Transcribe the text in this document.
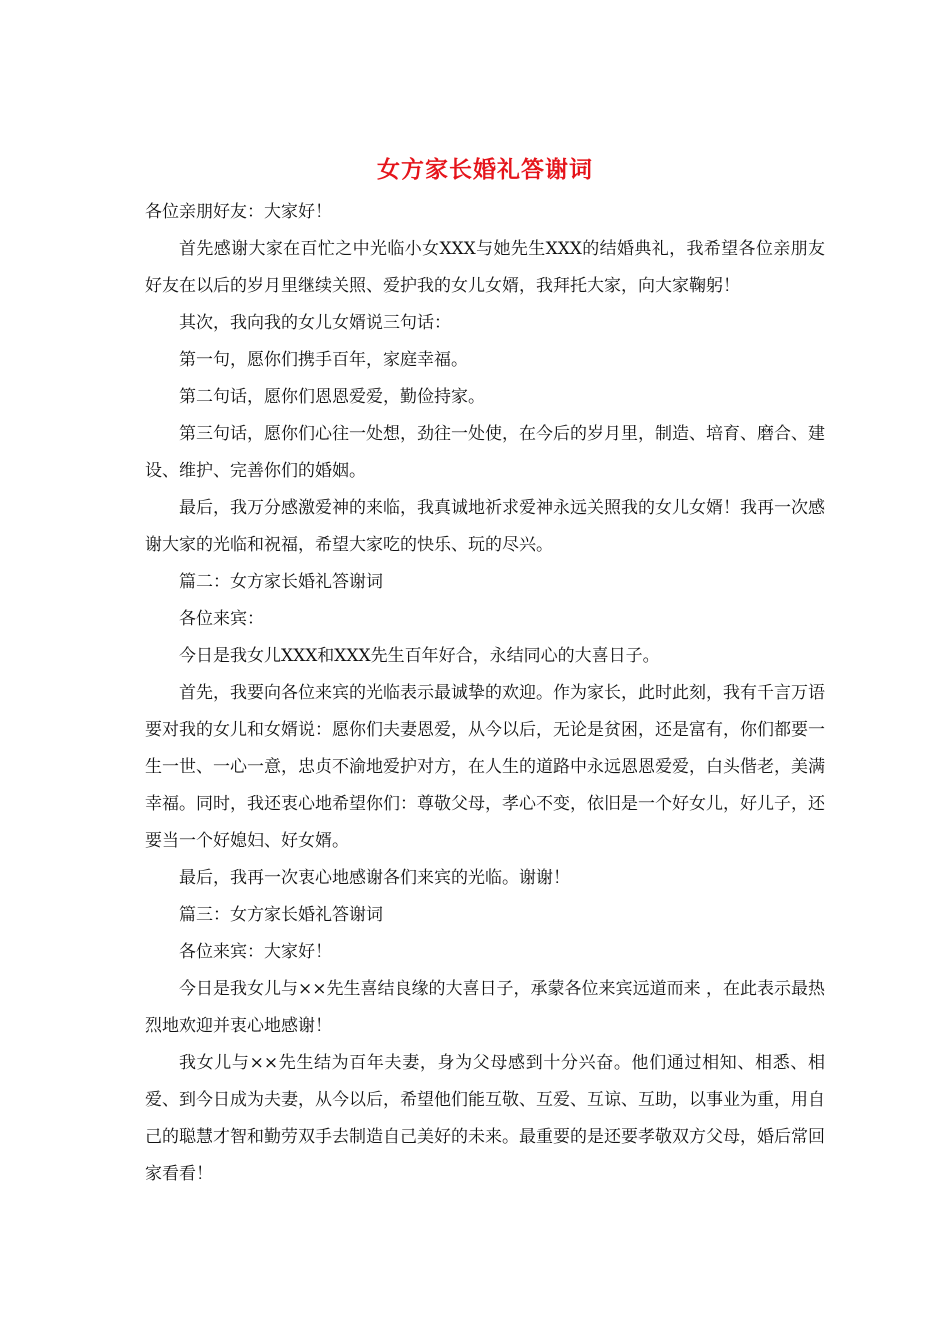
女方家长婚礼答谢词

各位亲朋好友：大家好！

首先感谢大家在百忙之中光临小女XXX与她先生XXX的结婚典礼，我希望各位亲朋友好友在以后的岁月里继续关照、爱护我的女儿女婿，我拜托大家，向大家鞠躬！

其次，我向我的女儿女婿说三句话：

第一句，愿你们携手百年，家庭幸福。

第二句话，愿你们恩恩爱爱，勤俭持家。

第三句话，愿你们心往一处想，劲往一处使，在今后的岁月里，制造、培育、磨合、建设、维护、完善你们的婚姻。

最后，我万分感激爱神的来临，我真诚地祈求爱神永远关照我的女儿女婿！我再一次感谢大家的光临和祝福，希望大家吃的快乐、玩的尽兴。

篇二：女方家长婚礼答谢词

各位来宾：

今日是我女儿XXX和XXX先生百年好合，永结同心的大喜日子。

首先，我要向各位来宾的光临表示最诚挚的欢迎。作为家长，此时此刻，我有千言万语要对我的女儿和女婿说：愿你们夫妻恩爱，从今以后，无论是贫困，还是富有，你们都要一生一世、一心一意，忠贞不渝地爱护对方，在人生的道路中永远恩恩爱爱，白头偕老，美满幸福。同时，我还衷心地希望你们：尊敬父母，孝心不变，依旧是一个好女儿，好儿子，还要当一个好媳妇、好女婿。

最后，我再一次衷心地感谢各们来宾的光临。谢谢！

篇三：女方家长婚礼答谢词

各位来宾：大家好！

今日是我女儿与××先生喜结良缘的大喜日子，承蒙各位来宾远道而来 ，在此表示最热烈地欢迎并衷心地感谢！

我女儿与××先生结为百年夫妻，身为父母感到十分兴奋。他们通过相知、相悉、相爱、到今日成为夫妻，从今以后，希望他们能互敬、互爱、互谅、互助，以事业为重，用自己的聪慧才智和勤劳双手去制造自己美好的未来。最重要的是还要孝敬双方父母，婚后常回家看看！
